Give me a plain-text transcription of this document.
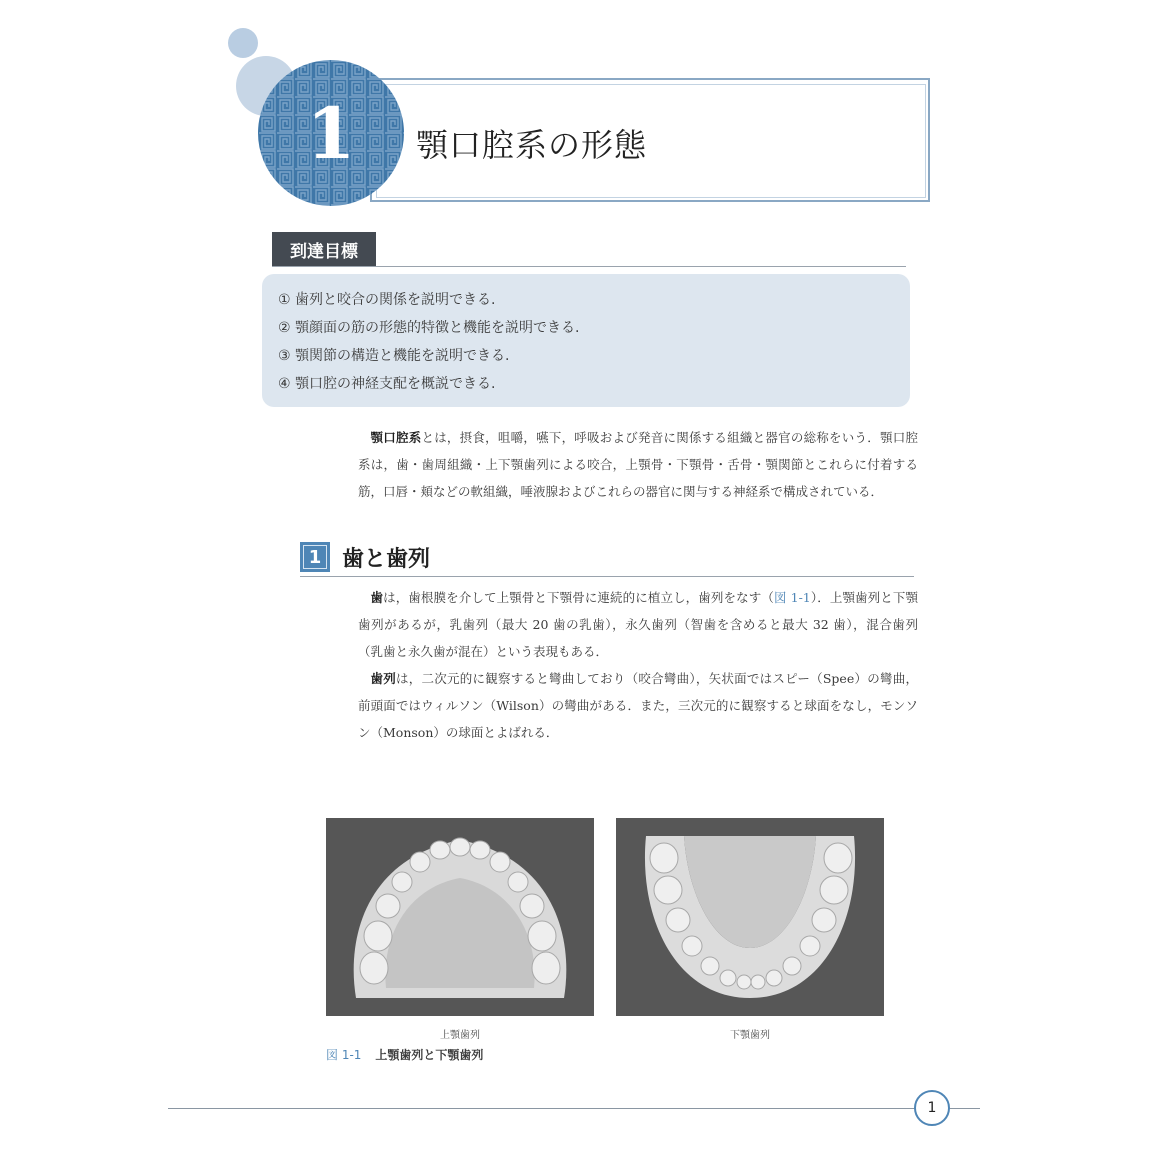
1	顎口腔系の形態
到達目標
① 歯列と咬合の関係を説明できる.
② 顎顔面の筋の形態的特徴と機能を説明できる.
③ 顎関節の構造と機能を説明できる.
④ 顎口腔の神経支配を概説できる.

顎口腔系とは，摂食，咀嚼，嚥下，呼吸および発音に関係する組織と器官の総称をいう．顎口腔系は，歯・歯周組織・上下顎歯列による咬合，上顎骨・下顎骨・舌骨・顎関節とこれらに付着する筋，口唇・頬などの軟組織，唾液腺およびこれらの器官に関与する神経系で構成されている．

1 歯と歯列

歯は，歯根膜を介して上顎骨と下顎骨に連続的に植立し，歯列をなす（図 1-1）．上顎歯列と下顎歯列があるが，乳歯列（最大 20 歯の乳歯），永久歯列（智歯を含めると最大 32 歯），混合歯列（乳歯と永久歯が混在）という表現もある．

歯列は，二次元的に観察すると彎曲しており（咬合彎曲），矢状面ではスピー（Spee）の彎曲，前頭面ではウィルソン（Wilson）の彎曲がある．また，三次元的に観察すると球面をなし，モンソン（Monson）の球面とよばれる．

上顎歯列	下顎歯列
図 1-1 上顎歯列と下顎歯列
1
